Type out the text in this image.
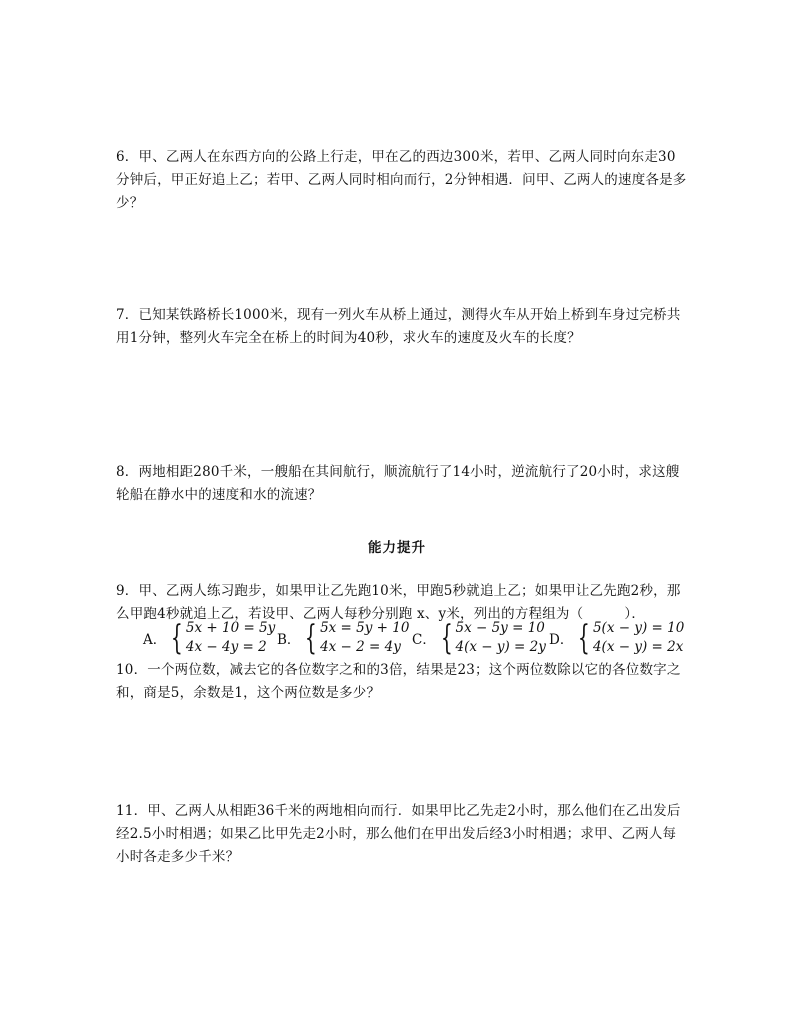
6．甲、乙两人在东西方向的公路上行走，甲在乙的西边300米，若甲、乙两人同时向东走30分钟后，甲正好追上乙；若甲、乙两人同时相向而行，2分钟相遇．问甲、乙两人的速度各是多少？

7．已知某铁路桥长1000米，现有一列火车从桥上通过，测得火车从开始上桥到车身过完桥共用1分钟，整列火车完全在桥上的时间为40秒，求火车的速度及火车的长度？

8．两地相距280千米，一艘船在其间航行，顺流航行了14小时，逆流航行了20小时，求这艘轮船在静水中的速度和水的流速？

能力提升

9．甲、乙两人练习跑步，如果甲让乙先跑10米，甲跑5秒就追上乙；如果甲让乙先跑2秒，那么甲跑4秒就追上乙，若设甲、乙两人每秒分别跑 x、y米，列出的方程组为（　　　）．

A． { 5x + 10 = 5y
4x − 4y = 2 B． { 5x = 5y + 10
4x − 2 = 4y C． { 5x − 5y = 10
4(x − y) = 2y D． { 5(x − y) = 10
4(x − y) = 2x

10．一个两位数，减去它的各位数字之和的3倍，结果是23；这个两位数除以它的各位数字之和，商是5，余数是1，这个两位数是多少？

11．甲、乙两人从相距36千米的两地相向而行．如果甲比乙先走2小时，那么他们在乙出发后经2.5小时相遇；如果乙比甲先走2小时，那么他们在甲出发后经3小时相遇；求甲、乙两人每小时各走多少千米？
